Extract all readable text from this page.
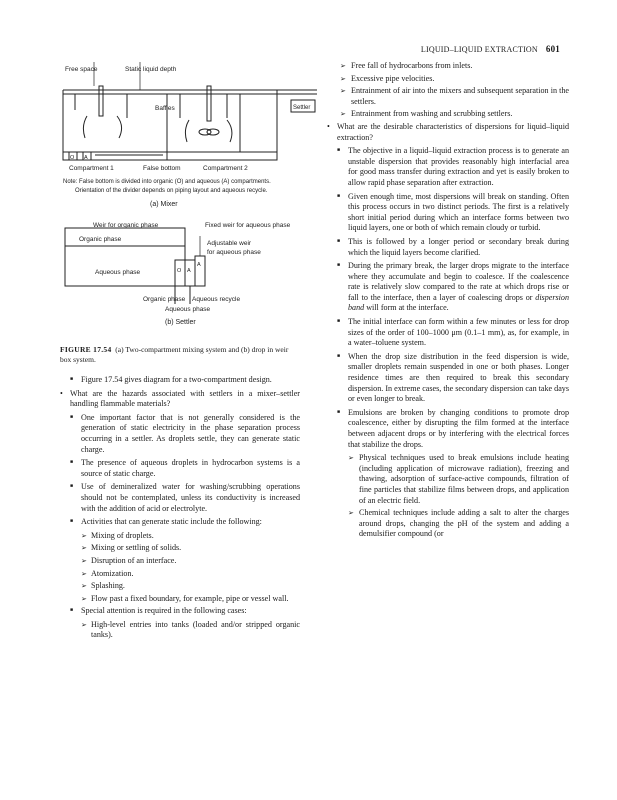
LIQUID–LIQUID EXTRACTION 601
Free space	Static liquid depth
Baffles	Settler
O A
Compartment 1	False bottom	Compartment 2
Note: False bottom is divided into organic (O) and aqueous (A) compartments.
Orientation of the divider depends on piping layout and aqueous recycle.
(a) Mixer
Weir for organic phase	Fixed weir for aqueous phase
Organic phase
Adjustable weir
for aqueous phase
Aqueous phase	O A
A
Organic phase Aqueous recycle
Aqueous phase
(b) Settler
FIGURE 17.54 (a) Two-compartment mixing system and (b) drop in weir box system.
■ Figure 17.54 gives diagram for a two-compartment design.
• What are the hazards associated with settlers in a mixer–settler handling flammable materials?
■ One important factor that is not generally considered is the generation of static electricity in the phase separation process occurring in a settler. As droplets settle, they can generate static charge.
■ The presence of aqueous droplets in hydrocarbon systems is a source of static charge.
■ Use of demineralized water for washing/scrubbing operations should not be contemplated, unless its conductivity is increased with the addition of acid or electrolyte.
■ Activities that can generate static include the following:
➢ Mixing of droplets.
➢ Mixing or settling of solids.
➢ Disruption of an interface.
➢ Atomization.
➢ Splashing.
➢ Flow past a fixed boundary, for example, pipe or vessel wall.
■ Special attention is required in the following cases:
➢ High-level entries into tanks (loaded and/or stripped organic tanks).
➢ Free fall of hydrocarbons from inlets.
➢ Excessive pipe velocities.
➢ Entrainment of air into the mixers and subsequent separation in the settlers.
➢ Entrainment from washing and scrubbing settlers.
• What are the desirable characteristics of dispersions for liquid–liquid extraction?
■ The objective in a liquid–liquid extraction process is to generate an unstable dispersion that provides reasonably high interfacial area for good mass transfer during extraction and yet is easily broken to allow rapid phase separation after extraction.
■ Given enough time, most dispersions will break on standing. Often this process occurs in two distinct periods. The first is a relatively short initial period during which an interface forms between two liquid layers, one or both of which remain cloudy or turbid.
■ This is followed by a longer period or secondary break during which the liquid layers become clarified.
■ During the primary break, the larger drops migrate to the interface where they accumulate and begin to coalesce. If the coalescence rate is relatively slow compared to the rate at which drops rise or fall to the interface, then a layer of coalescing drops or dispersion band will form at the interface.
■ The initial interface can form within a few minutes or less for drop sizes of the order of 100–1000 μm (0.1–1 mm), as, for example, in a water–toluene system.
■ When the drop size distribution in the feed dispersion is wide, smaller droplets remain suspended in one or both phases. Longer residence times are then required to break this secondary dispersion. In extreme cases, the secondary dispersion can take days or even longer to break.
■ Emulsions are broken by changing conditions to promote drop coalescence, either by disrupting the film formed at the interface between adjacent drops or by interfering with the electrical forces that stabilize the drops.
➢ Physical techniques used to break emulsions include heating (including application of microwave radiation), freezing and thawing, adsorption of surface-active compounds, filtration of fine particles that stabilize films between drops, and application of an electric field.
➢ Chemical techniques include adding a salt to alter the charges around drops, changing the pH of the system and adding a demulsifier compound (or
